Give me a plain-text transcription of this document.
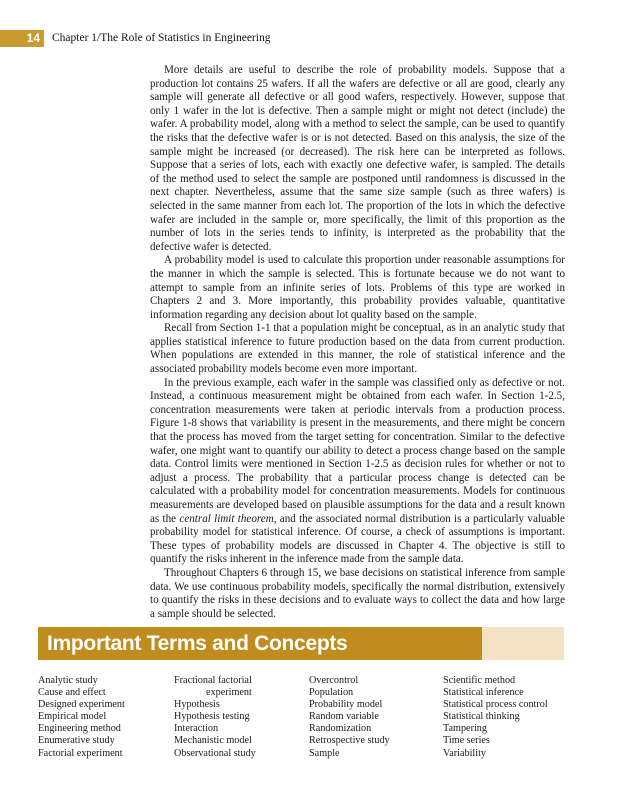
14	Chapter 1/The Role of Statistics in Engineering

More details are useful to describe the role of probability models. Suppose that a production lot contains 25 wafers. If all the wafers are defective or all are good, clearly any sample will generate all defective or all good wafers, respectively. However, suppose that only 1 wafer in the lot is defective. Then a sample might or might not detect (include) the wafer. A probability model, along with a method to select the sample, can be used to quantify the risks that the defective wafer is or is not detected. Based on this analysis, the size of the sample might be increased (or decreased). The risk here can be interpreted as follows. Suppose that a series of lots, each with exactly one defective wafer, is sampled. The details of the method used to select the sample are postponed until randomness is discussed in the next chapter. Nevertheless, assume that the same size sample (such as three wafers) is selected in the same manner from each lot. The proportion of the lots in which the defective wafer are included in the sample or, more specifically, the limit of this proportion as the number of lots in the series tends to infinity, is interpreted as the probability that the defective wafer is detected.

A probability model is used to calculate this proportion under reasonable assumptions for the manner in which the sample is selected. This is fortunate because we do not want to attempt to sample from an infinite series of lots. Problems of this type are worked in Chapters 2 and 3. More importantly, this probability provides valuable, quantitative information regarding any decision about lot quality based on the sample.

Recall from Section 1-1 that a population might be conceptual, as in an analytic study that applies statistical inference to future production based on the data from current production. When populations are extended in this manner, the role of statistical inference and the associated probability models become even more important.

In the previous example, each wafer in the sample was classified only as defective or not. Instead, a continuous measurement might be obtained from each wafer. In Section 1-2.5, concentration measurements were taken at periodic intervals from a production process. Figure 1-8 shows that variability is present in the measurements, and there might be concern that the process has moved from the target setting for concentration. Similar to the defective wafer, one might want to quantify our ability to detect a process change based on the sample data. Control limits were mentioned in Section 1-2.5 as decision rules for whether or not to adjust a process. The probability that a particular process change is detected can be calculated with a probability model for concentration measurements. Models for continuous measurements are developed based on plausible assumptions for the data and a result known as the central limit theorem, and the associated normal distribution is a particularly valuable probability model for statistical inference. Of course, a check of assumptions is important. These types of probability models are discussed in Chapter 4. The objective is still to quantify the risks inherent in the inference made from the sample data.

Throughout Chapters 6 through 15, we base decisions on statistical inference from sample data. We use continuous probability models, specifically the normal distribution, extensively to quantify the risks in these decisions and to evaluate ways to collect the data and how large a sample should be selected.

Important Terms and Concepts
Analytic study
Cause and effect
Designed experiment
Empirical model
Engineering method
Enumerative study
Factorial experiment
Fractional factorial
experiment
Hypothesis
Hypothesis testing
Interaction
Mechanistic model
Observational study
Overcontrol
Population
Probability model
Random variable
Randomization
Retrospective study
Sample
Scientific method
Statistical inference
Statistical process control
Statistical thinking
Tampering
Time series
Variability
